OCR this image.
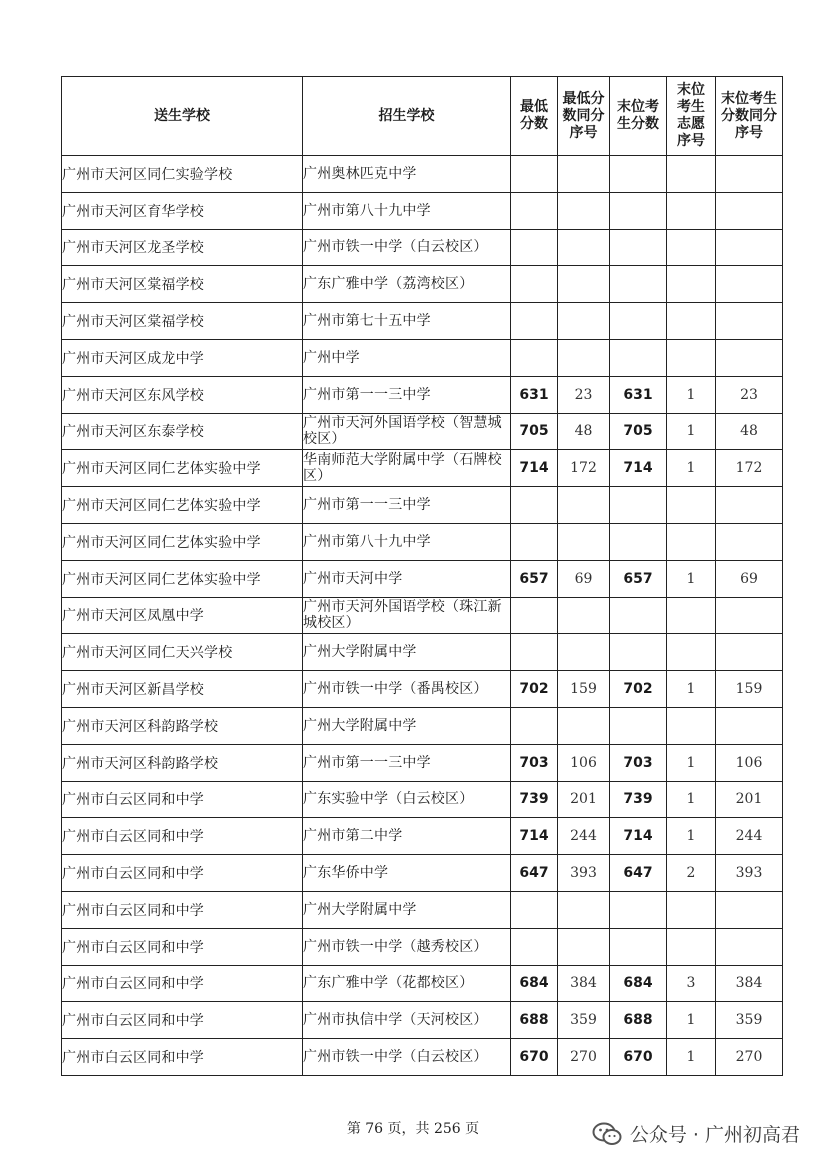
送生学校	招生学校	最低分数	最低分数同分序号	末位考生分数	末位考生志愿序号	末位考生分数同分序号
广州市天河区同仁实验学校	广州奥林匹克中学					

广州市天河区育华学校	广州市第八十九中学					

广州市天河区龙圣学校	广州市铁一中学（白云校区）					

广州市天河区棠福学校	广东广雅中学（荔湾校区）					

广州市天河区棠福学校	广州市第七十五中学					

广州市天河区成龙中学	广州中学					

广州市天河区东风学校	广州市第一一三中学	631	23	631	1	23
广州市天河区东泰学校	广州市天河外国语学校（智慧城校区）	705	48	705	1	48
广州市天河区同仁艺体实验中学	华南师范大学附属中学（石牌校区）	714	172	714	1	172
广州市天河区同仁艺体实验中学	广州市第一一三中学					

广州市天河区同仁艺体实验中学	广州市第八十九中学					

广州市天河区同仁艺体实验中学	广州市天河中学	657	69	657	1	69
广州市天河区凤凰中学	广州市天河外国语学校（珠江新城校区）					

广州市天河区同仁天兴学校	广州大学附属中学					

广州市天河区新昌学校	广州市铁一中学（番禺校区）	702	159	702	1	159
广州市天河区科韵路学校	广州大学附属中学					

广州市天河区科韵路学校	广州市第一一三中学	703	106	703	1	106
广州市白云区同和中学	广东实验中学（白云校区）	739	201	739	1	201
广州市白云区同和中学	广州市第二中学	714	244	714	1	244
广州市白云区同和中学	广东华侨中学	647	393	647	2	393
广州市白云区同和中学	广州大学附属中学					

广州市白云区同和中学	广州市铁一中学（越秀校区）					

广州市白云区同和中学	广东广雅中学（花都校区）	684	384	684	3	384
广州市白云区同和中学	广州市执信中学（天河校区）	688	359	688	1	359
广州市白云区同和中学	广州市铁一中学（白云校区）	670	270	670	1	270
第 76 页，共 256 页	公众号 · 广州初高君
